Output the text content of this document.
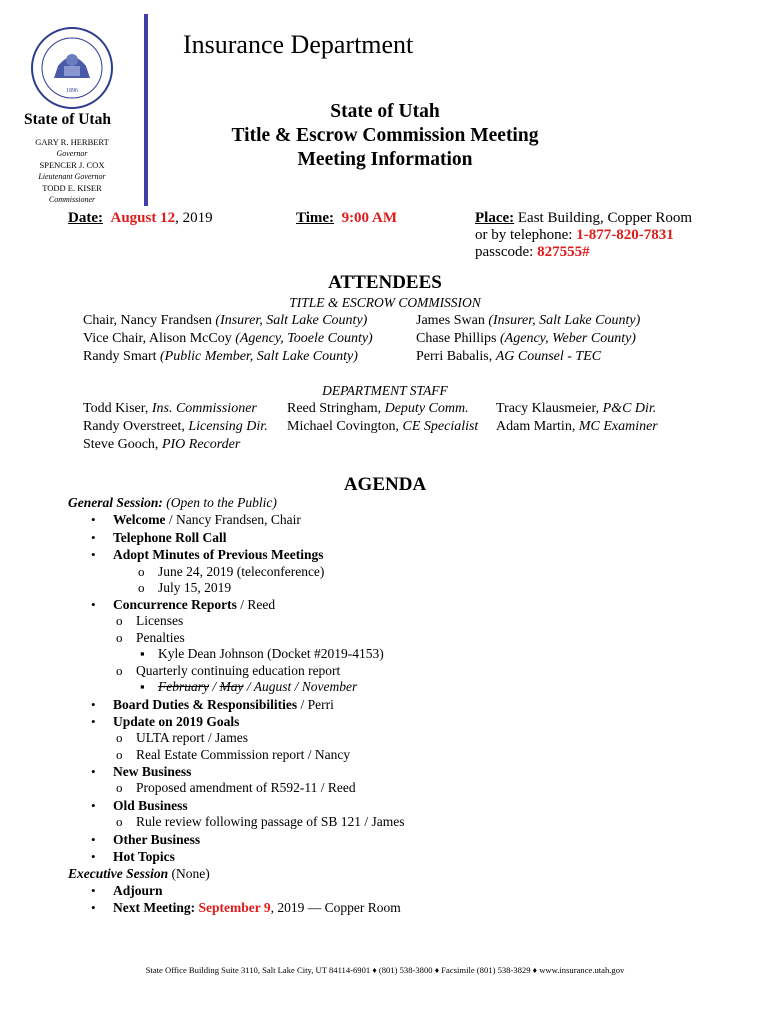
1896
State of Utah
GARY R. HERBERT
Governor
SPENCER J. COX
Lieutenant Governor
TODD E. KISER
Commissioner
Insurance Department
State of Utah
Title & Escrow Commission Meeting
Meeting Information
Date: August 12, 2019	Time: 9:00 AM	Place: East Building, Copper Room
or by telephone: 1-877-820-7831
passcode: 827555#
ATTENDEES
TITLE & ESCROW COMMISSION
Chair, Nancy Frandsen (Insurer, Salt Lake County)
Vice Chair, Alison McCoy (Agency, Tooele County)
Randy Smart (Public Member, Salt Lake County)
James Swan (Insurer, Salt Lake County)
Chase Phillips (Agency, Weber County)
Perri Babalis, AG Counsel - TEC
DEPARTMENT STAFF
Todd Kiser, Ins. Commissioner
Randy Overstreet, Licensing Dir.
Steve Gooch, PIO Recorder
Reed Stringham, Deputy Comm.
Michael Covington, CE Specialist
Tracy Klausmeier, P&C Dir.
Adam Martin, MC Examiner
AGENDA
General Session: (Open to the Public)
• Welcome / Nancy Frandsen, Chair
• Telephone Roll Call
• Adopt Minutes of Previous Meetings
o June 24, 2019 (teleconference)
o July 15, 2019
• Concurrence Reports / Reed
o Licenses
o Penalties
▪ Kyle Dean Johnson (Docket #2019-4153)
o Quarterly continuing education report
▪ February / May / August / November
• Board Duties & Responsibilities / Perri
• Update on 2019 Goals
o ULTA report / James
o Real Estate Commission report / Nancy
• New Business
o Proposed amendment of R592-11 / Reed
• Old Business
o Rule review following passage of SB 121 / James
• Other Business
• Hot Topics
Executive Session (None)
• Adjourn
• Next Meeting: September 9, 2019 — Copper Room
State Office Building Suite 3110, Salt Lake City, UT 84114-6901 ♦ (801) 538-3800 ♦ Facsimile (801) 538-3829 ♦ www.insurance.utah.gov
